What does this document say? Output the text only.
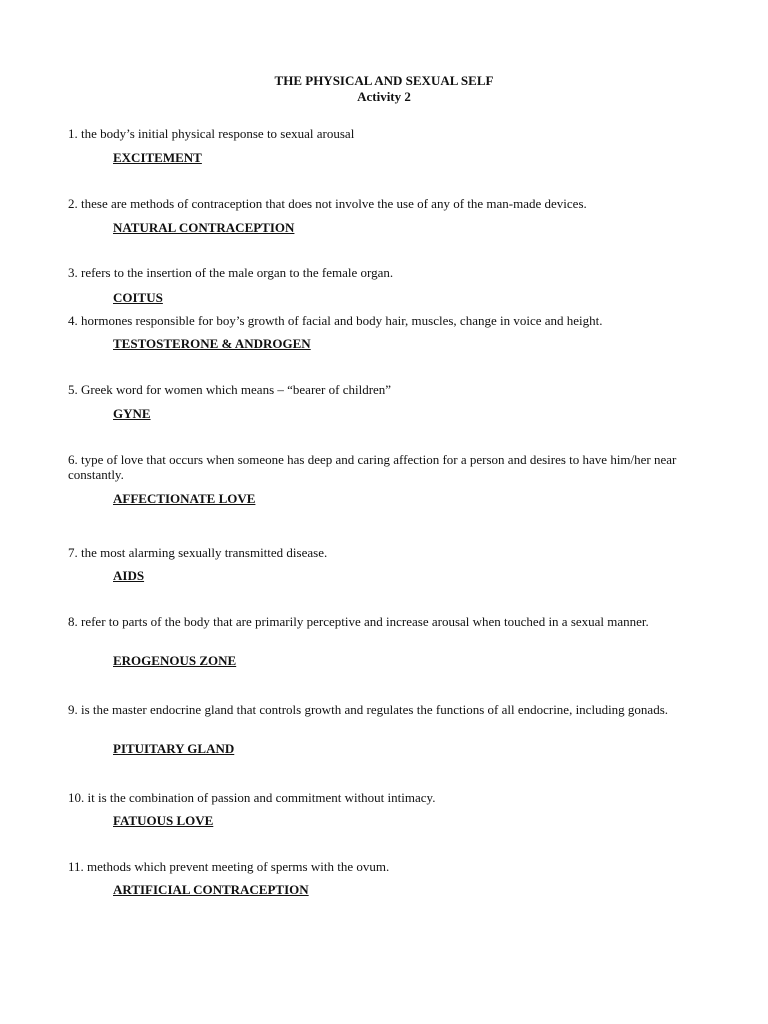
THE PHYSICAL AND SEXUAL SELF
Activity 2
1. the body’s initial physical response to sexual arousal
EXCITEMENT
2. these are methods of contraception that does not involve the use of any of the man-made devices.
NATURAL CONTRACEPTION
3. refers to the insertion of the male organ to the female organ.
COITUS
4. hormones responsible for boy’s growth of facial and body hair, muscles, change in voice and height.
TESTOSTERONE & ANDROGEN
5. Greek word for women which means – “bearer of children”
GYNE
6. type of love that occurs when someone has deep and caring affection for a person and desires to have him/her near constantly.
AFFECTIONATE LOVE
7. the most alarming sexually transmitted disease.
AIDS
8. refer to parts of the body that are primarily perceptive and increase arousal when touched in a sexual manner.
EROGENOUS ZONE
9. is the master endocrine gland that controls growth and regulates the functions of all endocrine, including gonads.
PITUITARY GLAND
10. it is the combination of passion and commitment without intimacy.
FATUOUS LOVE
11. methods which prevent meeting of sperms with the ovum.
ARTIFICIAL CONTRACEPTION
